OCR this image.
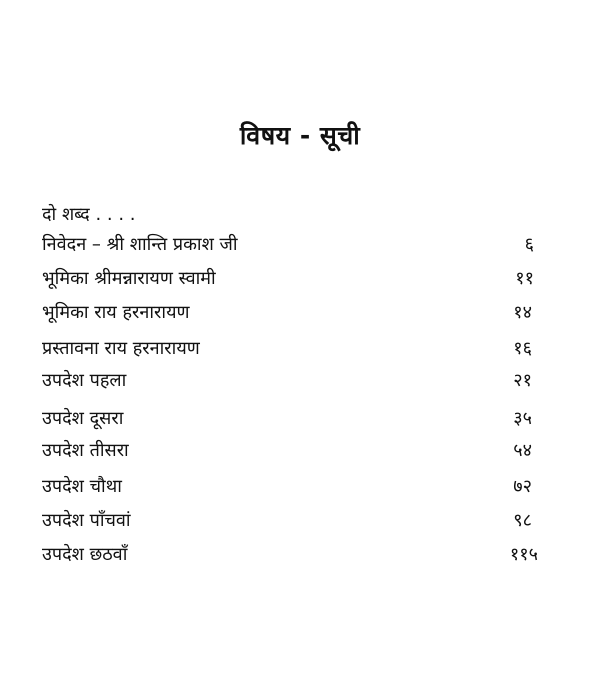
विषय - सूची
दो शब्द . . . .
निवेदन – श्री शान्ति प्रकाश जी	६
भूमिका श्रीमन्नारायण स्वामी	११
भूमिका राय हरनारायण	१४
प्रस्तावना राय हरनारायण	१६
उपदेश पहला	२१
उपदेश दूसरा	३५
उपदेश तीसरा	५४
उपदेश चौथा	७२
उपदेश पाँचवां	९८
उपदेश छठवाँ	११५
